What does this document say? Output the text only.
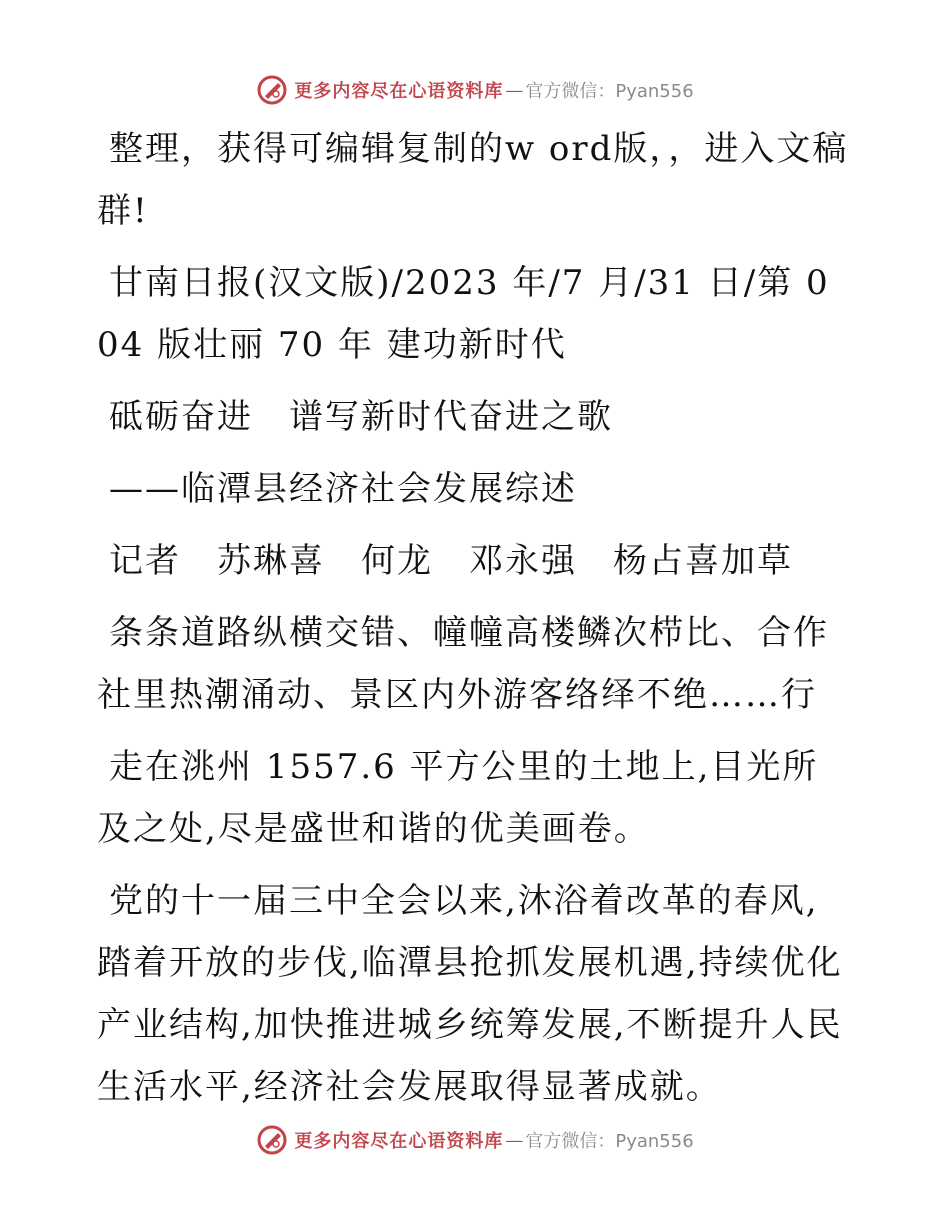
更多内容尽在心语资料库 — 官方微信：Pyan556

整理，获得可编辑复制的w ord版，，进入文稿群!

甘南日报(汉文版)/2023 年/7 月/31 日/第 004 版壮丽 70 年 建功新时代

砥砺奋进　谱写新时代奋进之歌

——临潭县经济社会发展综述

记者　苏琳喜　何龙　邓永强　杨占喜加草

条条道路纵横交错、幢幢高楼鳞次栉比、合作社里热潮涌动、景区内外游客络绎不绝……行

走在洮州 1557.6 平方公里的土地上,目光所及之处,尽是盛世和谐的优美画卷。

党的十一届三中全会以来,沐浴着改革的春风,踏着开放的步伐,临潭县抢抓发展机遇,持续优化产业结构,加快推进城乡统筹发展,不断提升人民生活水平,经济社会发展取得显著成就。

更多内容尽在心语资料库 — 官方微信：Pyan556
